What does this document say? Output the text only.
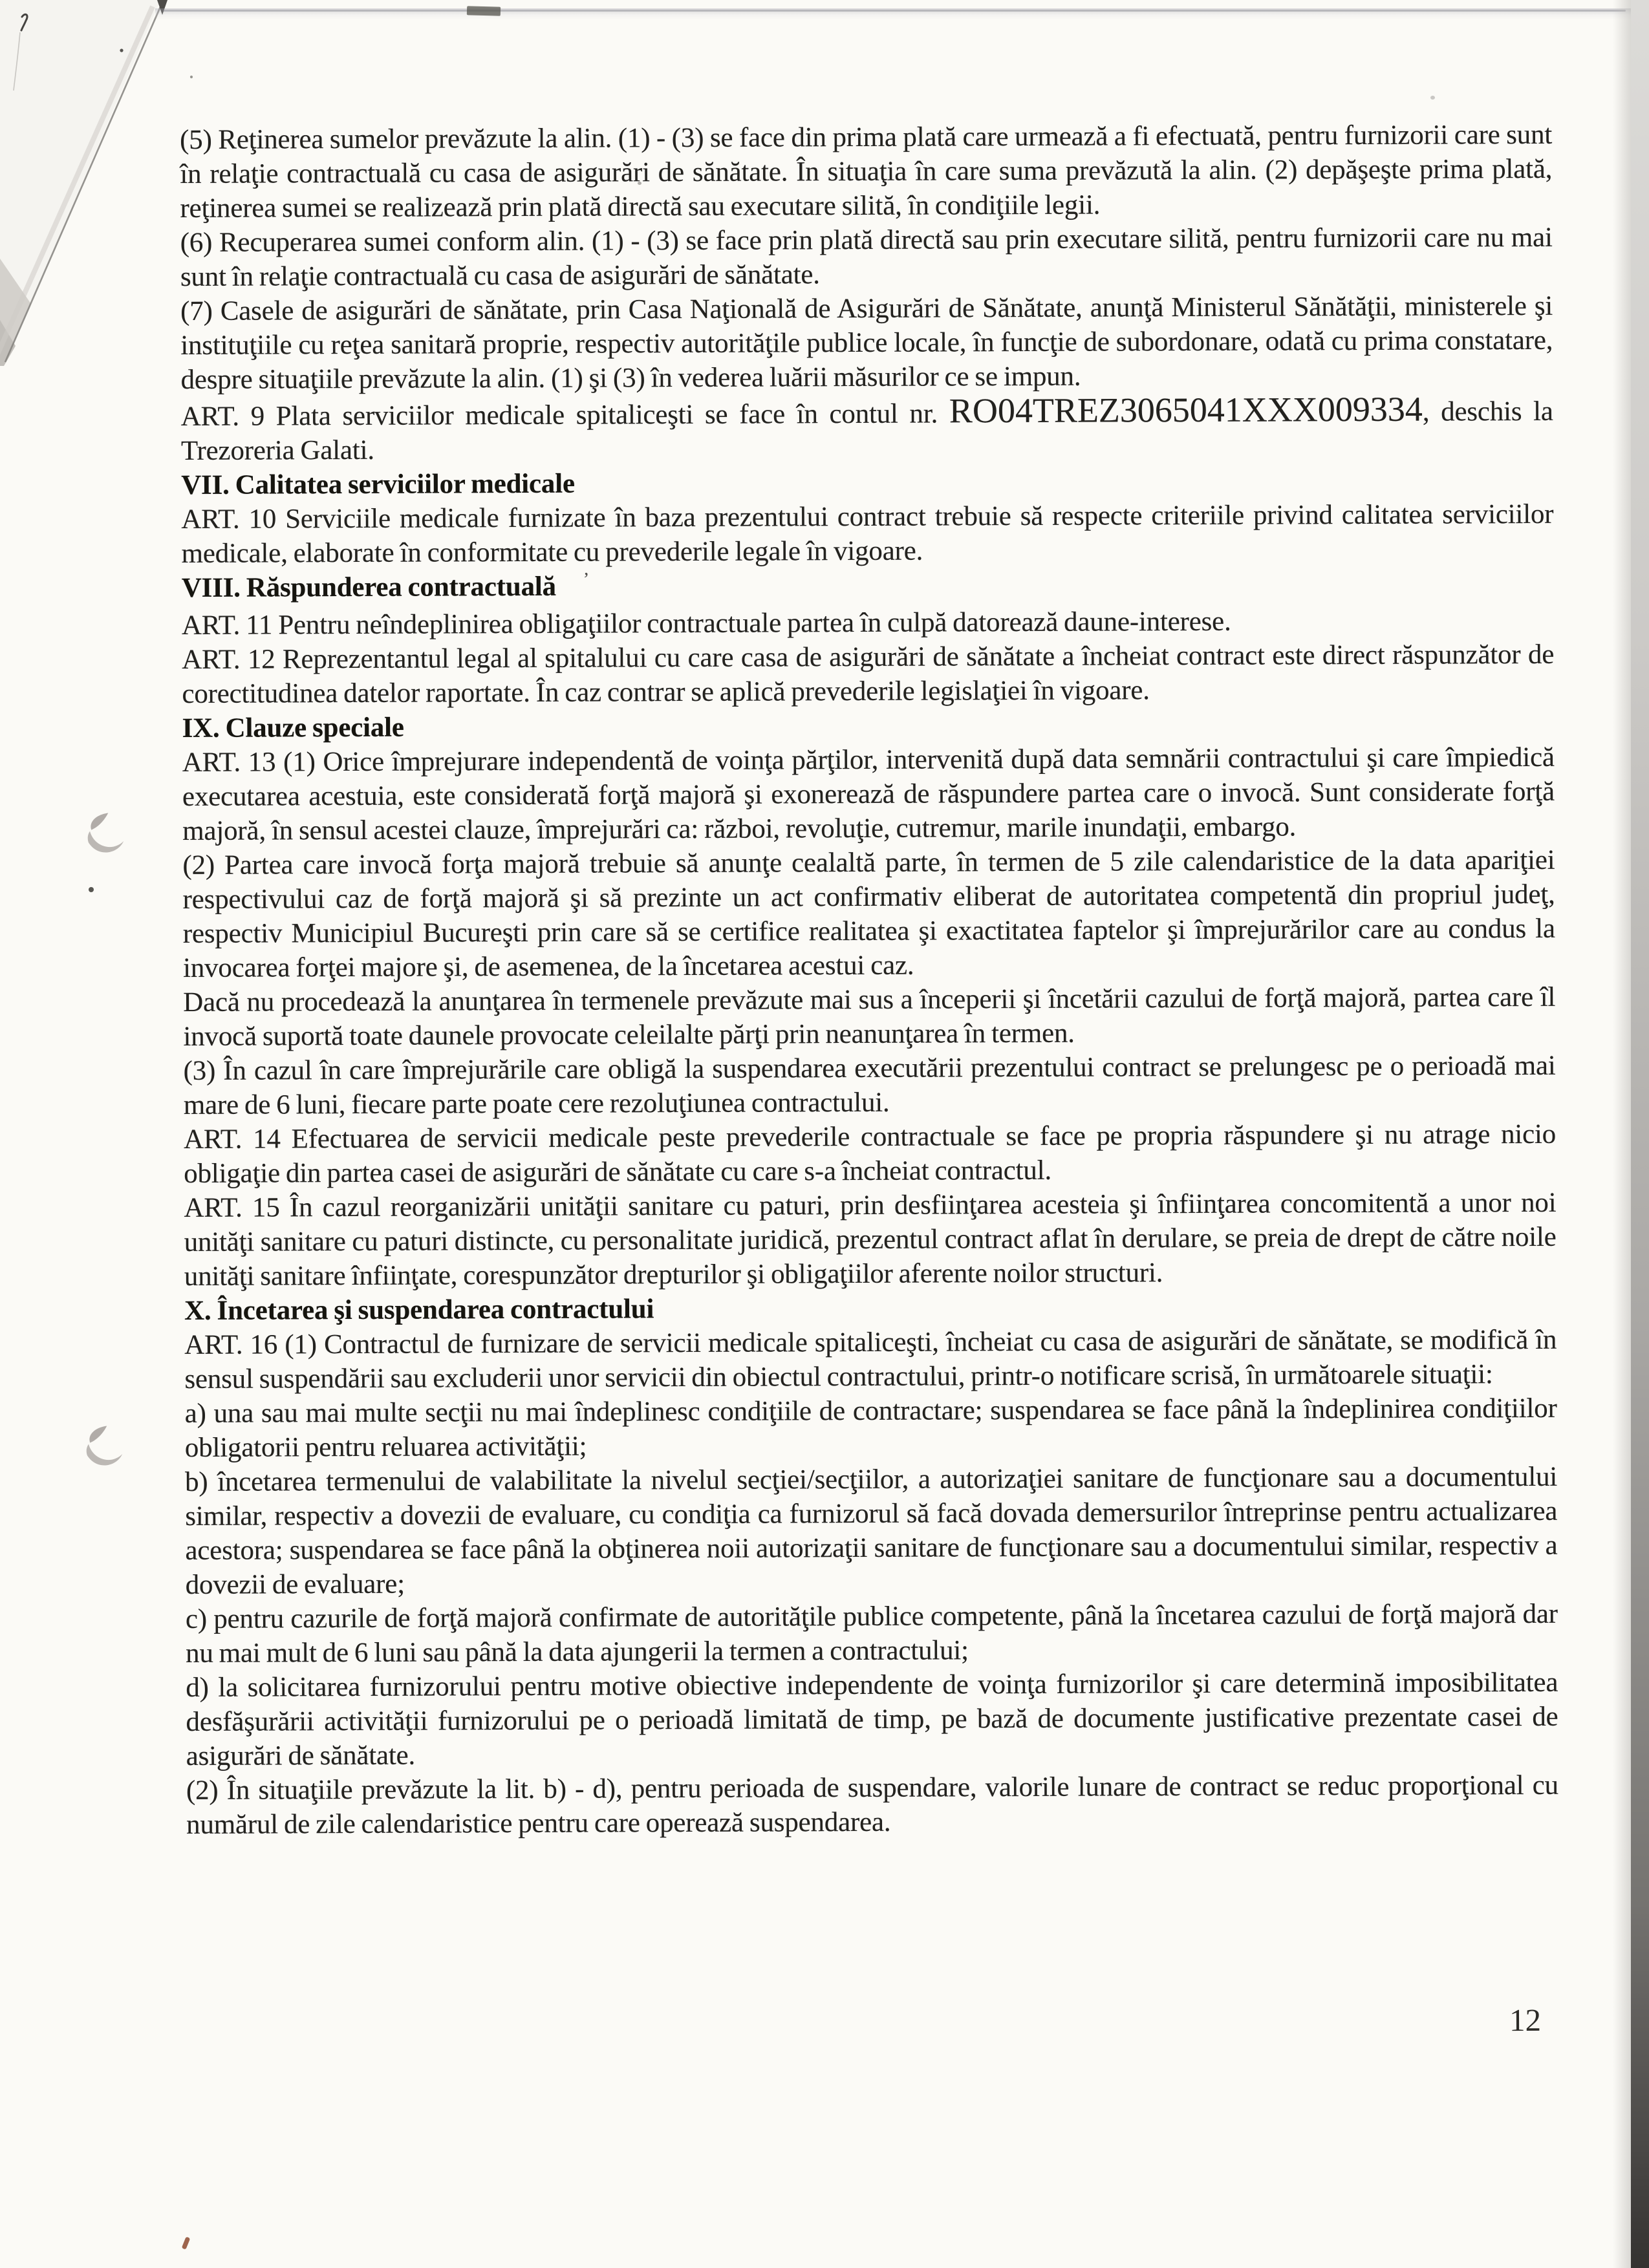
(5) Reţinerea sumelor prevăzute la alin. (1) - (3) se face din prima plată care urmează a fi efectuată, pentru furnizorii care sunt în relaţie contractuală cu casa de asigurări de sănătate. În situaţia în care suma prevăzută la alin. (2) depăşeşte prima plată, reţinerea sumei se realizează prin plată directă sau executare silită, în condiţiile legii.

(6) Recuperarea sumei conform alin. (1) - (3) se face prin plată directă sau prin executare silită, pentru furnizorii care nu mai sunt în relaţie contractuală cu casa de asigurări de sănătate.

(7) Casele de asigurări de sănătate, prin Casa Naţională de Asigurări de Sănătate, anunţă Ministerul Sănătăţii, ministerele şi instituţiile cu reţea sanitară proprie, respectiv autorităţile publice locale, în funcţie de subordonare, odată cu prima constatare, despre situaţiile prevăzute la alin. (1) şi (3) în vederea luării măsurilor ce se impun.

ART. 9 Plata serviciilor medicale spitaliceşti se face în contul nr. RO04TREZ3065041XXX009334, deschis la Trezoreria Galati.

VII. Calitatea serviciilor medicale

ART. 10 Serviciile medicale furnizate în baza prezentului contract trebuie să respecte criteriile privind calitatea serviciilor medicale, elaborate în conformitate cu prevederile legale în vigoare.

VIII. Răspunderea contractuală ’

ART. 11 Pentru neîndeplinirea obligaţiilor contractuale partea în culpă datorează daune-interese.

ART. 12 Reprezentantul legal al spitalului cu care casa de asigurări de sănătate a încheiat contract este direct răspunzător de corectitudinea datelor raportate. În caz contrar se aplică prevederile legislaţiei în vigoare.

IX. Clauze speciale

ART. 13 (1) Orice împrejurare independentă de voinţa părţilor, intervenită după data semnării contractului şi care împiedică executarea acestuia, este considerată forţă majoră şi exonerează de răspundere partea care o invocă. Sunt considerate forţă majoră, în sensul acestei clauze, împrejurări ca: război, revoluţie, cutremur, marile inundaţii, embargo.

(2) Partea care invocă forţa majoră trebuie să anunţe cealaltă parte, în termen de 5 zile calendaristice de la data apariţiei respectivului caz de forţă majoră şi să prezinte un act confirmativ eliberat de autoritatea competentă din propriul judeţ, respectiv Municipiul Bucureşti prin care să se certifice realitatea şi exactitatea faptelor şi împrejurărilor care au condus la invocarea forţei majore şi, de asemenea, de la încetarea acestui caz.

Dacă nu procedează la anunţarea în termenele prevăzute mai sus a începerii şi încetării cazului de forţă majoră, partea care îl invocă suportă toate daunele provocate celeilalte părţi prin neanunţarea în termen.

(3) În cazul în care împrejurările care obligă la suspendarea executării prezentului contract se prelungesc pe o perioadă mai mare de 6 luni, fiecare parte poate cere rezoluţiunea contractului.

ART. 14 Efectuarea de servicii medicale peste prevederile contractuale se face pe propria răspundere şi nu atrage nicio obligaţie din partea casei de asigurări de sănătate cu care s-a încheiat contractul.

ART. 15 În cazul reorganizării unităţii sanitare cu paturi, prin desfiinţarea acesteia şi înfiinţarea concomitentă a unor noi unităţi sanitare cu paturi distincte, cu personalitate juridică, prezentul contract aflat în derulare, se preia de drept de către noile unităţi sanitare înfiinţate, corespunzător drepturilor şi obligaţiilor aferente noilor structuri.

X. Încetarea şi suspendarea contractului

ART. 16 (1) Contractul de furnizare de servicii medicale spitaliceşti, încheiat cu casa de asigurări de sănătate, se modifică în sensul suspendării sau excluderii unor servicii din obiectul contractului, printr-o notificare scrisă, în următoarele situaţii:

a) una sau mai multe secţii nu mai îndeplinesc condiţiile de contractare; suspendarea se face până la îndeplinirea condiţiilor obligatorii pentru reluarea activităţii;

b) încetarea termenului de valabilitate la nivelul secţiei/secţiilor, a autorizaţiei sanitare de funcţionare sau a documentului similar, respectiv a dovezii de evaluare, cu condiţia ca furnizorul să facă dovada demersurilor întreprinse pentru actualizarea acestora; suspendarea se face până la obţinerea noii autorizaţii sanitare de funcţionare sau a documentului similar, respectiv a dovezii de evaluare;

c) pentru cazurile de forţă majoră confirmate de autorităţile publice competente, până la încetarea cazului de forţă majoră dar nu mai mult de 6 luni sau până la data ajungerii la termen a contractului;

d) la solicitarea furnizorului pentru motive obiective independente de voinţa furnizorilor şi care determină imposibilitatea desfăşurării activităţii furnizorului pe o perioadă limitată de timp, pe bază de documente justificative prezentate casei de asigurări de sănătate.

(2) În situaţiile prevăzute la lit. b) - d), pentru perioada de suspendare, valorile lunare de contract se reduc proporţional cu numărul de zile calendaristice pentru care operează suspendarea.

12
